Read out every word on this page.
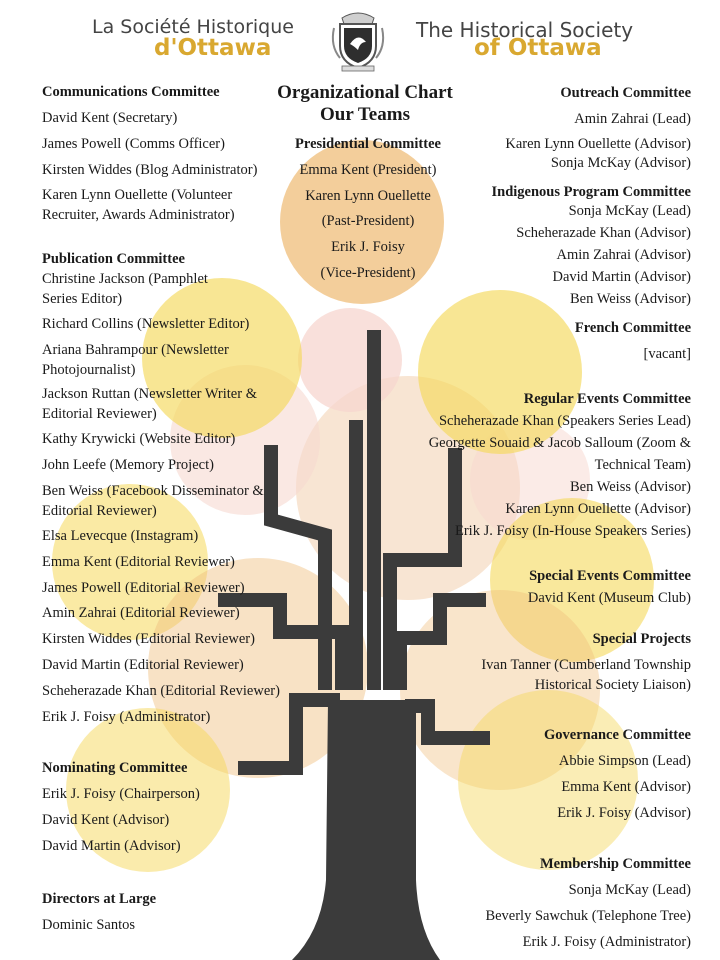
La Société Historique
d'Ottawa
The Historical Society
of Ottawa
Organizational Chart
Our Teams
Presidential Committee
Emma Kent (President)
Karen Lynn Ouellette
(Past-President)
Erik J. Foisy
(Vice-President)
Communications Committee
David Kent (Secretary)
James Powell (Comms Officer)
Kirsten Widdes (Blog Administrator)
Karen Lynn Ouellette (Volunteer Recruiter, Awards Administrator)
Publication Committee
Christine Jackson (Pamphlet Series Editor)
Richard Collins (Newsletter Editor)
Ariana Bahrampour (Newsletter Photojournalist)
Jackson Ruttan (Newsletter Writer & Editorial Reviewer)
Kathy Krywicki (Website Editor)
John Leefe (Memory Project)
Ben Weiss (Facebook Disseminator & Editorial Reviewer)
Elsa Levecque (Instagram)
Emma Kent (Editorial Reviewer)
James Powell (Editorial Reviewer)
Amin Zahrai (Editorial Reviewer)
Kirsten Widdes (Editorial Reviewer)
David Martin (Editorial Reviewer)
Scheherazade Khan (Editorial Reviewer)
Erik J. Foisy (Administrator)
Nominating Committee
Erik J. Foisy (Chairperson)
David Kent (Advisor)
David Martin (Advisor)
Directors at Large
Dominic Santos
Outreach Committee
Amin Zahrai (Lead)
Karen Lynn Ouellette (Advisor)
Sonja McKay (Advisor)
Indigenous Program Committee
Sonja McKay (Lead)
Scheherazade Khan (Advisor)
Amin Zahrai (Advisor)
David Martin (Advisor)
Ben Weiss (Advisor)
French Committee
[vacant]
Regular Events Committee
Scheherazade Khan (Speakers Series Lead)
Georgette Souaid & Jacob Salloum (Zoom &
Technical Team)
Ben Weiss (Advisor)
Karen Lynn Ouellette (Advisor)
Erik J. Foisy (In-House Speakers Series)
Special Events Committee
David Kent (Museum Club)
Special Projects
Ivan Tanner (Cumberland Township
Historical Society Liaison)
Governance Committee
Abbie Simpson (Lead)
Emma Kent (Advisor)
Erik J. Foisy (Advisor)
Membership Committee
Sonja McKay (Lead)
Beverly Sawchuk (Telephone Tree)
Erik J. Foisy (Administrator)
